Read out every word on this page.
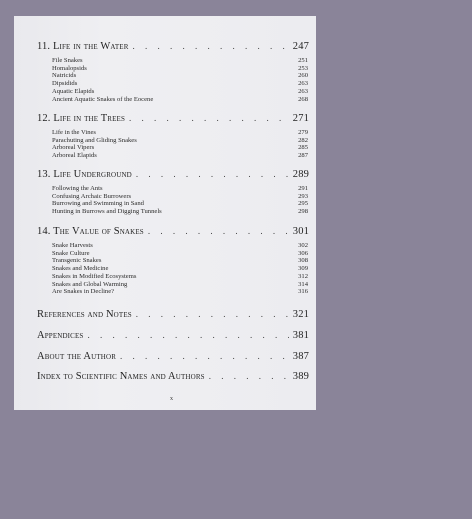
11. Life in the Water . . .	247
File Snakes	251
Homalopsids	253
Natricids	260
Dipsidids	263
Aquatic Elapids	263
Ancient Aquatic Snakes of the Eocene	268
12. Life in the Trees . . .	271
Life in the Vines	279
Parachuting and Gliding Snakes	282
Arboreal Vipers	285
Arboreal Elapids	287
13. Life Underground . . .	289
Following the Ants	291
Confusing Archaic Burrowers	293
Burrowing and Swimming in Sand	295
Hunting in Burrows and Digging Tunnels	298
14. The Value of Snakes . . .	301
Snake Harvests	302
Snake Culture	306
Transgenic Snakes	308
Snakes and Medicine	309
Snakes in Modified Ecosystems	312
Snakes and Global Warming	314
Are Snakes in Decline?	316
References and Notes . . .	321
Appendices . . .	381
About the Author . . .	387
Index to Scientific Names and Authors . . .	389
x
